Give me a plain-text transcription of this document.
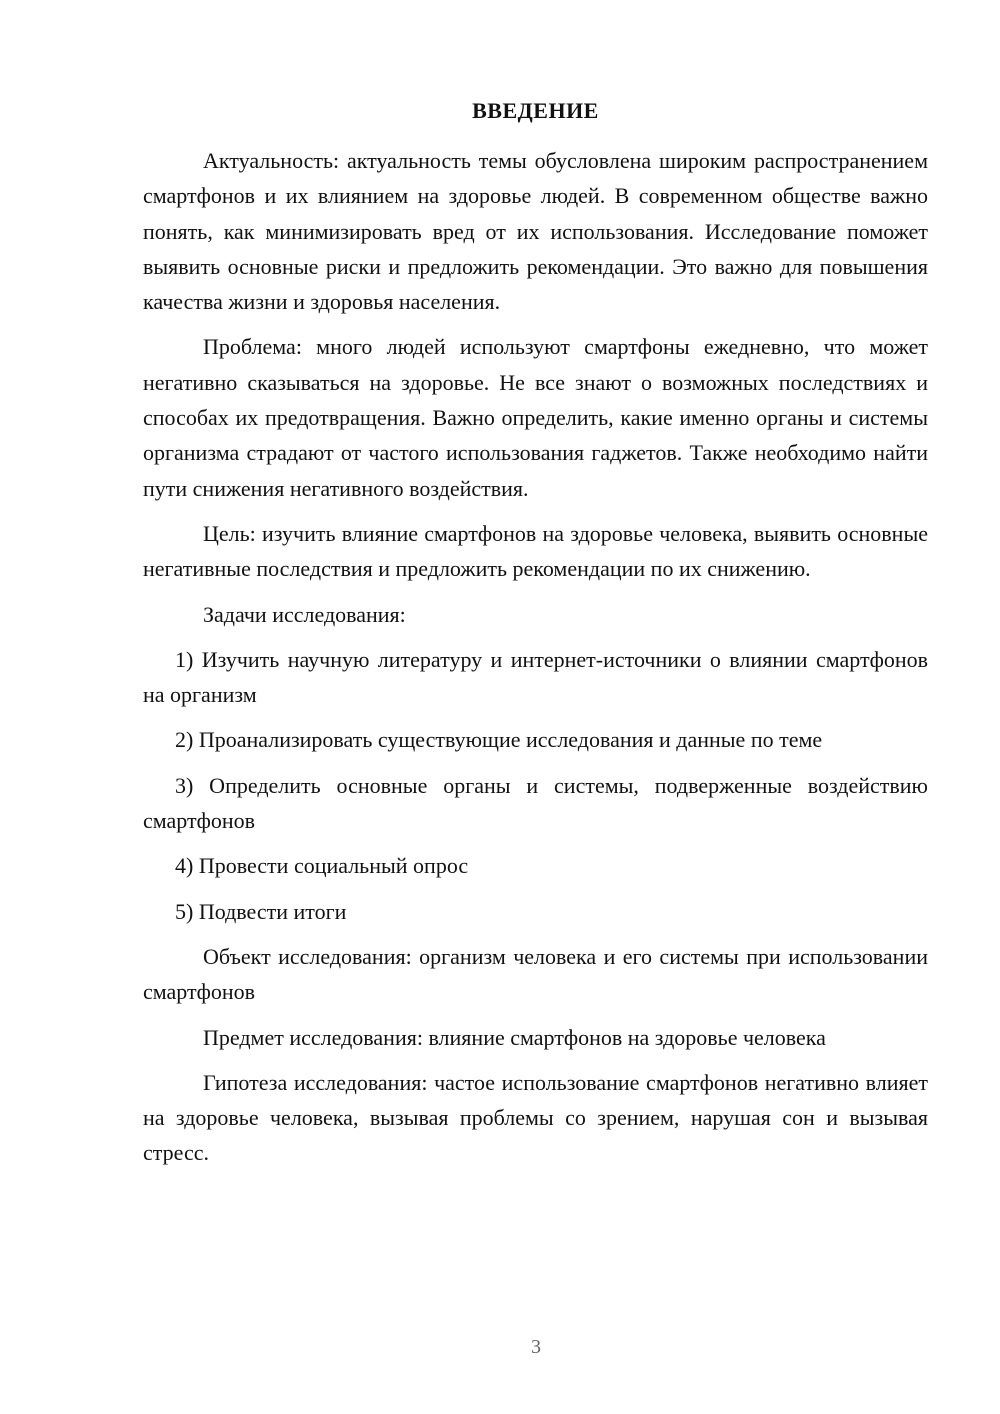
ВВЕДЕНИЕ

Актуальность: актуальность темы обусловлена широким распространением смартфонов и их влиянием на здоровье людей. В современном обществе важно понять, как минимизировать вред от их использования. Исследование поможет выявить основные риски и предложить рекомендации. Это важно для повышения качества жизни и здоровья населения.

Проблема: много людей используют смартфоны ежедневно, что может негативно сказываться на здоровье. Не все знают о возможных последствиях и способах их предотвращения. Важно определить, какие именно органы и системы организма страдают от частого использования гаджетов. Также необходимо найти пути снижения негативного воздействия.

Цель: изучить влияние смартфонов на здоровье человека, выявить основные негативные последствия и предложить рекомендации по их снижению.

Задачи исследования:

1) Изучить научную литературу и интернет-источники о влиянии смартфонов на организм

2) Проанализировать существующие исследования и данные по теме

3) Определить основные органы и системы, подверженные воздействию смартфонов

4) Провести социальный опрос

5) Подвести итоги

Объект исследования: организм человека и его системы при использовании смартфонов

Предмет исследования: влияние смартфонов на здоровье человека

Гипотеза исследования: частое использование смартфонов негативно влияет на здоровье человека, вызывая проблемы со зрением, нарушая сон и вызывая стресс.

3
